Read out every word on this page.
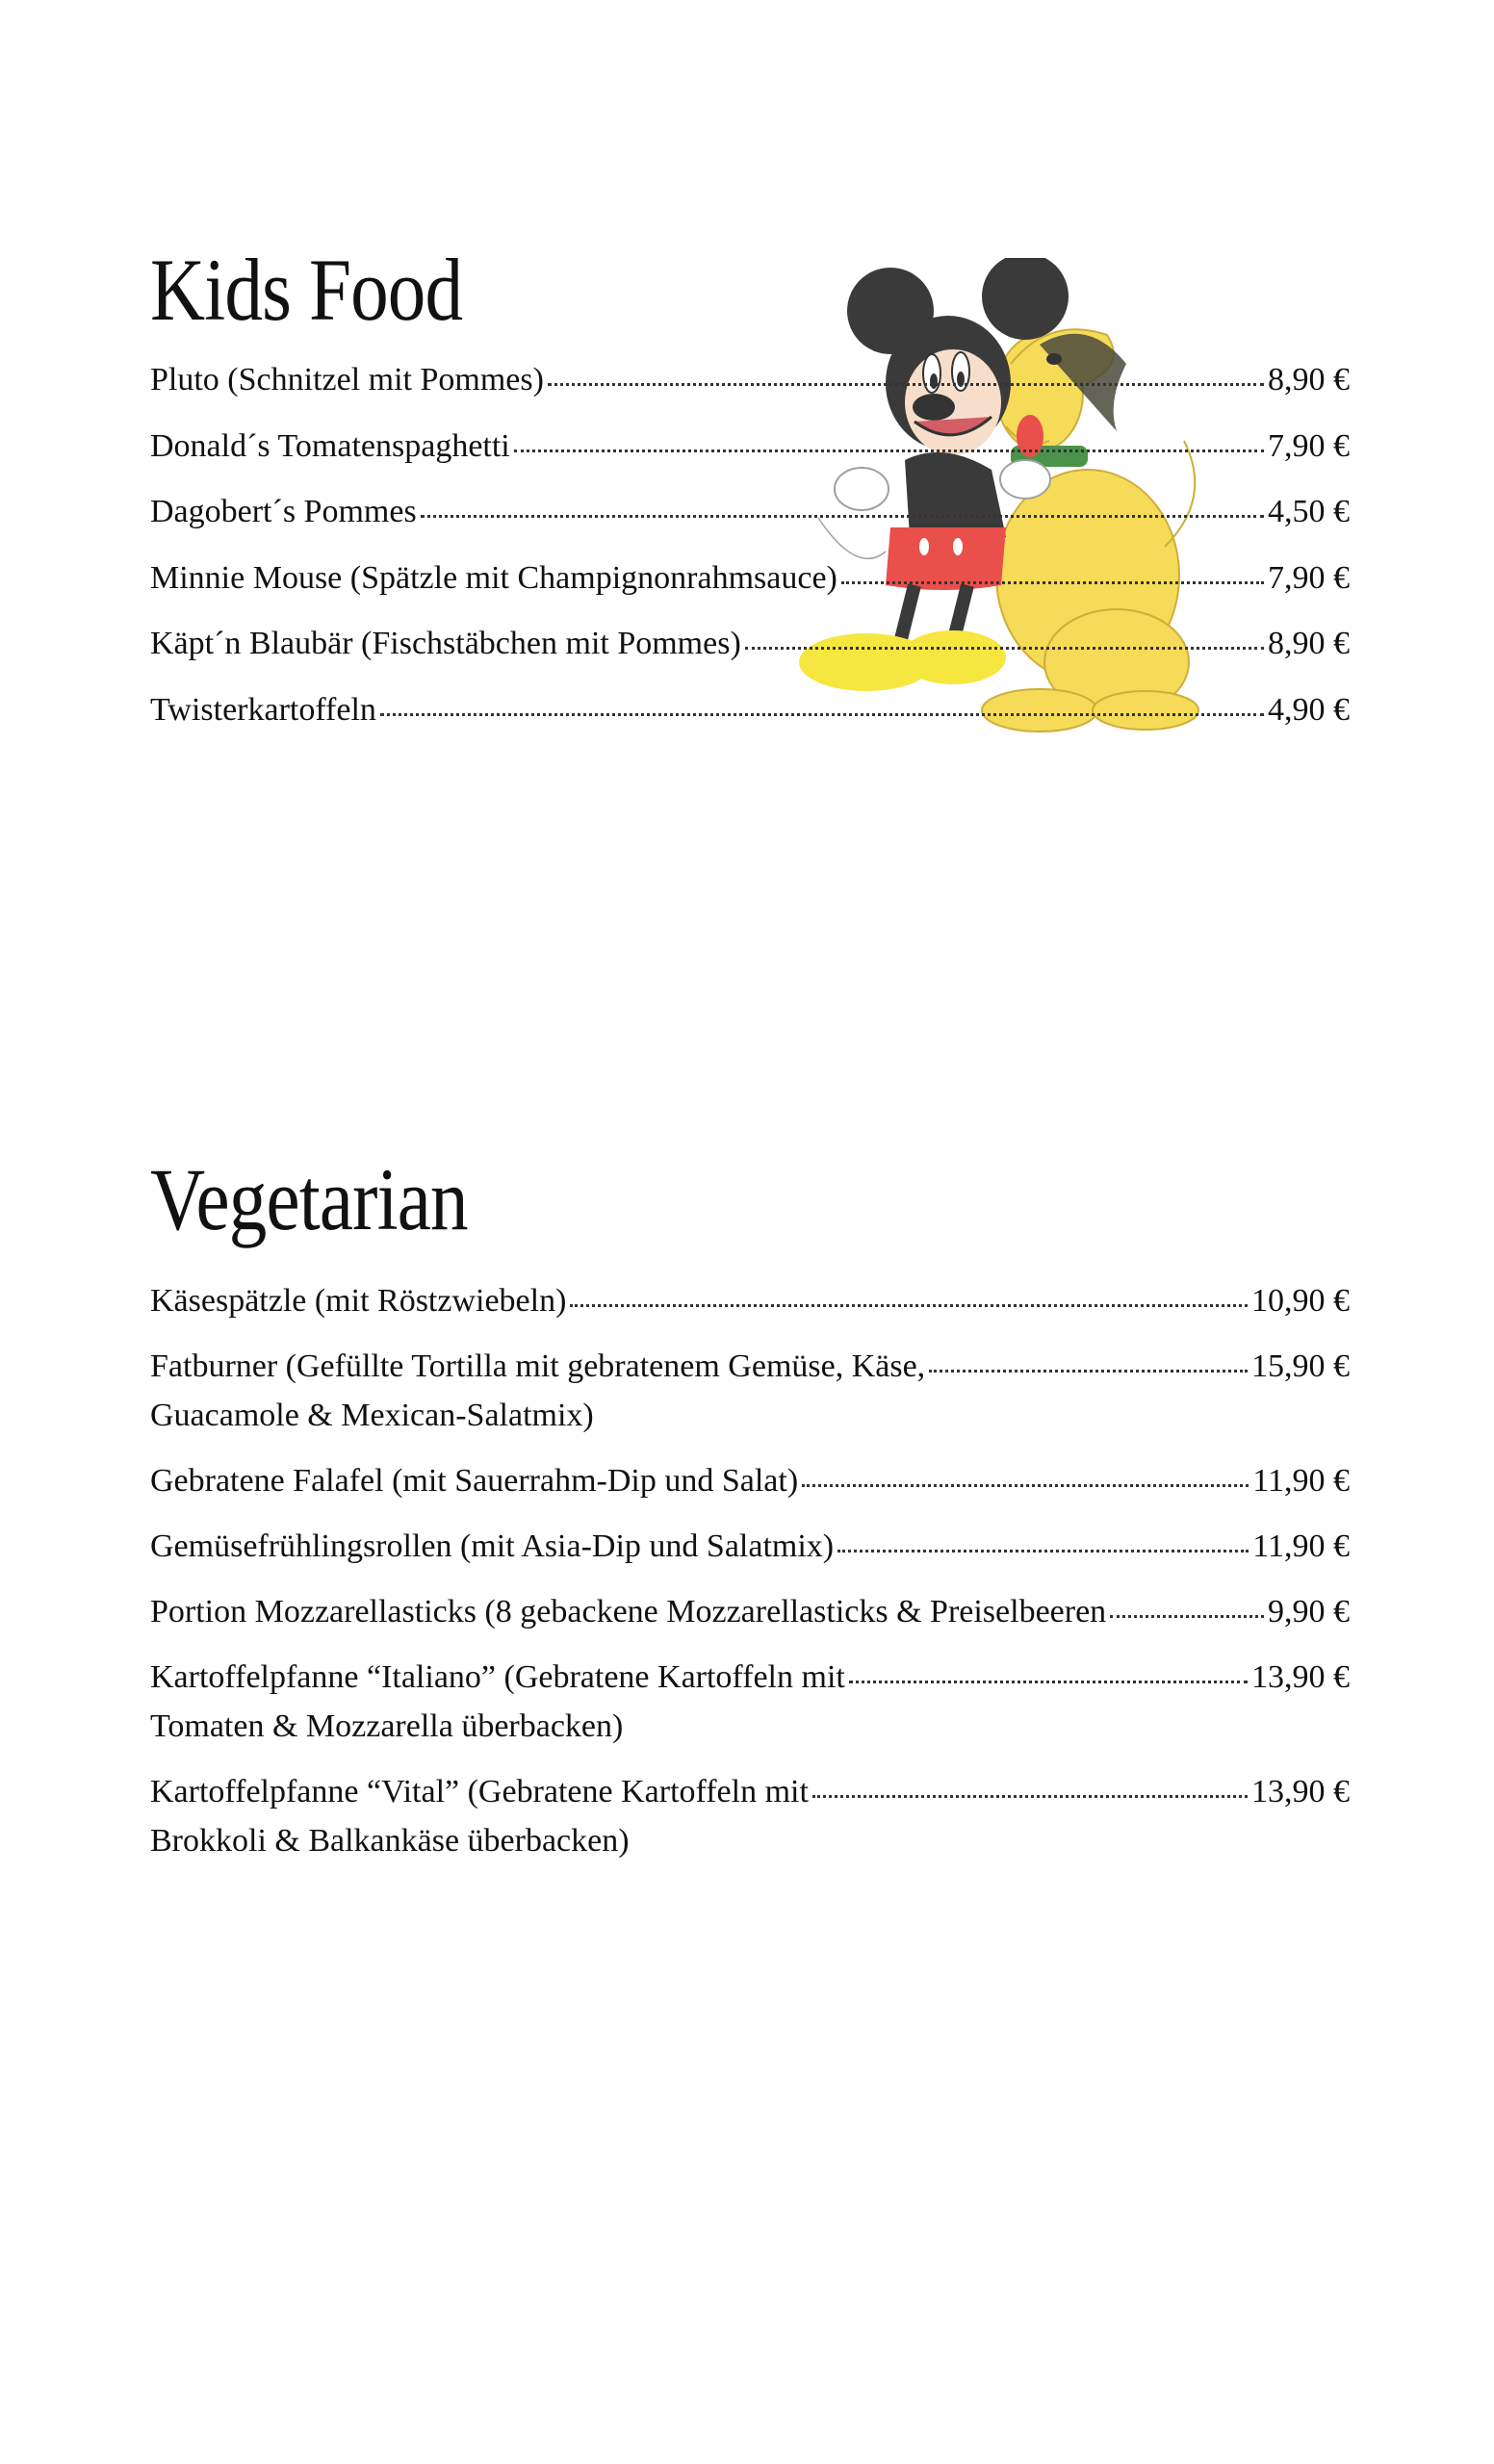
Kids Food
Pluto (Schnitzel mit Pommes)	8,90 €
Donald´s Tomatenspaghetti	7,90 €
Dagobert´s Pommes	4,50 €
Minnie Mouse (Spätzle mit Champignonrahmsauce)	7,90 €
Käpt´n Blaubär (Fischstäbchen mit Pommes)	8,90 €
Twisterkartoffeln	4,90 €
Vegetarian
Käsespätzle (mit Röstzwiebeln)	10,90 €
Fatburner (Gefüllte Tortilla mit gebratenem Gemüse, Käse,	15,90 €
Guacamole & Mexican-Salatmix)
Gebratene Falafel (mit Sauerrahm-Dip und Salat)	11,90 €
Gemüsefrühlingsrollen (mit Asia-Dip und Salatmix)	11,90 €
Portion Mozzarellasticks (8 gebackene Mozzarellasticks & Preiselbeeren	9,90 €
Kartoffelpfanne “Italiano” (Gebratene Kartoffeln mit	13,90 €
Tomaten & Mozzarella überbacken)
Kartoffelpfanne “Vital” (Gebratene Kartoffeln mit	13,90 €
Brokkoli & Balkankäse überbacken)
